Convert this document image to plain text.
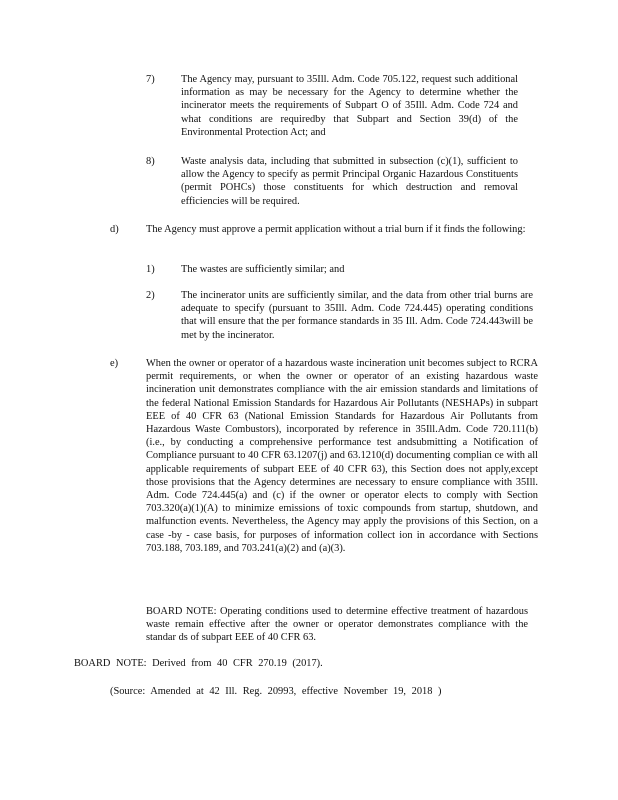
7)	The Agency may, pursuant to 35Ill. Adm. Code 705.122, request such additional information as may be necessary for the Agency to determine whether the incinerator meets the requirements of Subpart O of 35Ill. Adm. Code 724 and what conditions are requiredby that Subpart and Section 39(d) of the Environmental Protection Act; and

8)	Waste analysis data, including that submitted in subsection (c)(1), sufficient to allow the Agency to specify as permit Principal Organic Hazardous Constituents (permit POHCs) those constituents for which destruction and removal efficiencies will be required.

d)	The Agency must approve a permit application without a trial burn if it finds the following:

1)	The wastes are sufficiently similar; and

2)	The incinerator units are sufficiently similar, and the data from other trial burns are adequate to specify (pursuant to 35Ill. Adm. Code 724.445) operating conditions that will ensure that the per formance standards in 35 Ill. Adm. Code 724.443will be met by the incinerator.

e)	When the owner or operator of a hazardous waste incineration unit becomes subject to RCRA permit requirements, or when the owner or operator of an existing hazardous waste incineration unit demonstrates compliance with the air emission standards and limitations of the federal National Emission Standards for Hazardous Air Pollutants (NESHAPs) in subpart EEE of 40 CFR 63 (National Emission Standards for Hazardous Air Pollutants from Hazardous Waste Combustors), incorporated by reference in 35Ill.Adm. Code 720.111(b) (i.e., by conducting a comprehensive performance test andsubmitting a Notification of Compliance pursuant to 40 CFR 63.1207(j) and 63.1210(d) documenting complian ce with all applicable requirements of subpart EEE of 40 CFR 63), this Section does not apply,except those provisions that the Agency determines are necessary to ensure compliance with 35Ill. Adm. Code 724.445(a) and (c) if the owner or operator elects to comply with Section 703.320(a)(1)(A) to minimize emissions of toxic compounds from startup, shutdown, and malfunction events. Nevertheless, the Agency may apply the provisions of this Section, on a case -by - case basis, for purposes of information collect ion in accordance with Sections 703.188, 703.189, and 703.241(a)(2) and (a)(3).

BOARD NOTE: Operating conditions used to determine effective treatment of hazardous waste remain effective after the owner or operator demonstrates compliance with the standar ds of subpart EEE of 40 CFR 63.

BOARD NOTE: Derived from 40 CFR 270.19 (2017).

(Source: Amended at 42 Ill. Reg. 20993, effective November 19, 2018 )
